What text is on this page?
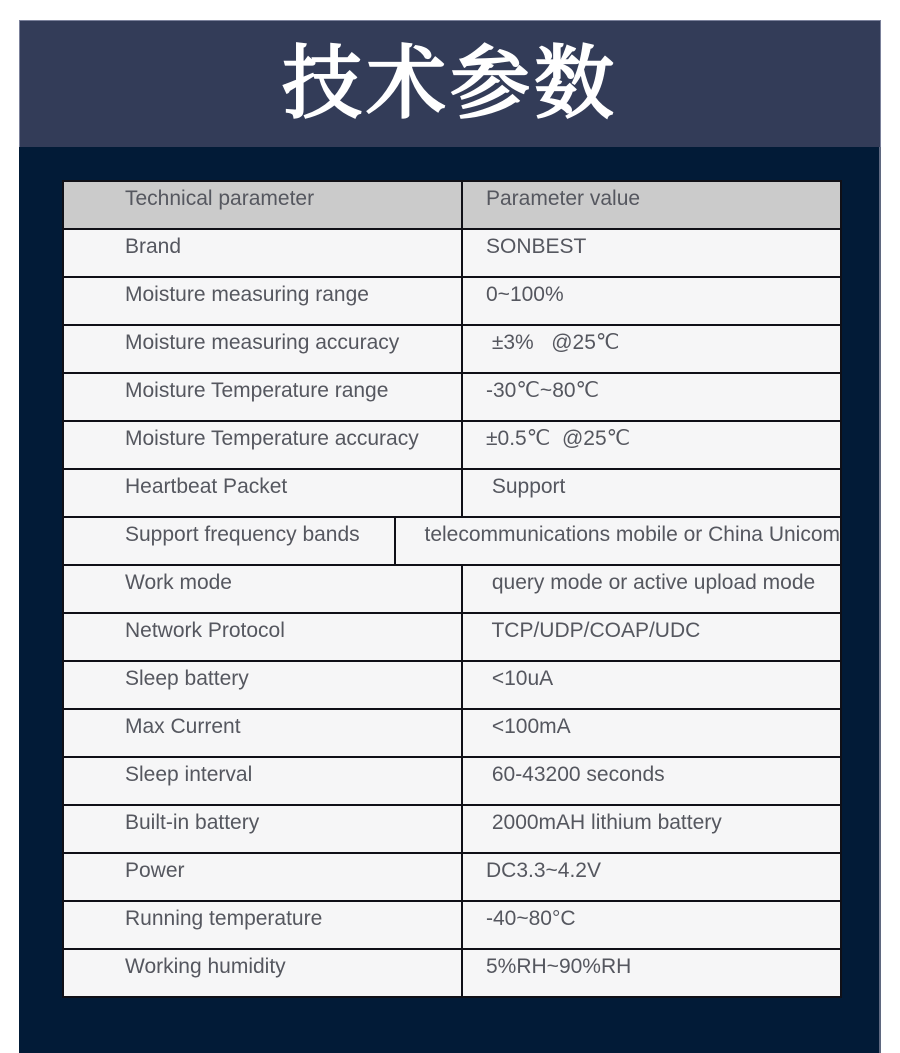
技术参数
Technical parameter	Parameter value
Brand	SONBEST
Moisture measuring range	0~100%
Moisture measuring accuracy	±3%   @25℃
Moisture Temperature range	-30℃~80℃
Moisture Temperature accuracy	±0.5℃  @25℃
Heartbeat Packet	Support
Support frequency bands	telecommunications mobile or China Unicom
Work mode	query mode or active upload mode
Network Protocol	TCP/UDP/COAP/UDC
Sleep battery	<10uA
Max Current	<100mA
Sleep interval	60-43200 seconds
Built-in battery	2000mAH lithium battery
Power	DC3.3~4.2V
Running temperature	-40~80°C
Working humidity	5%RH~90%RH
